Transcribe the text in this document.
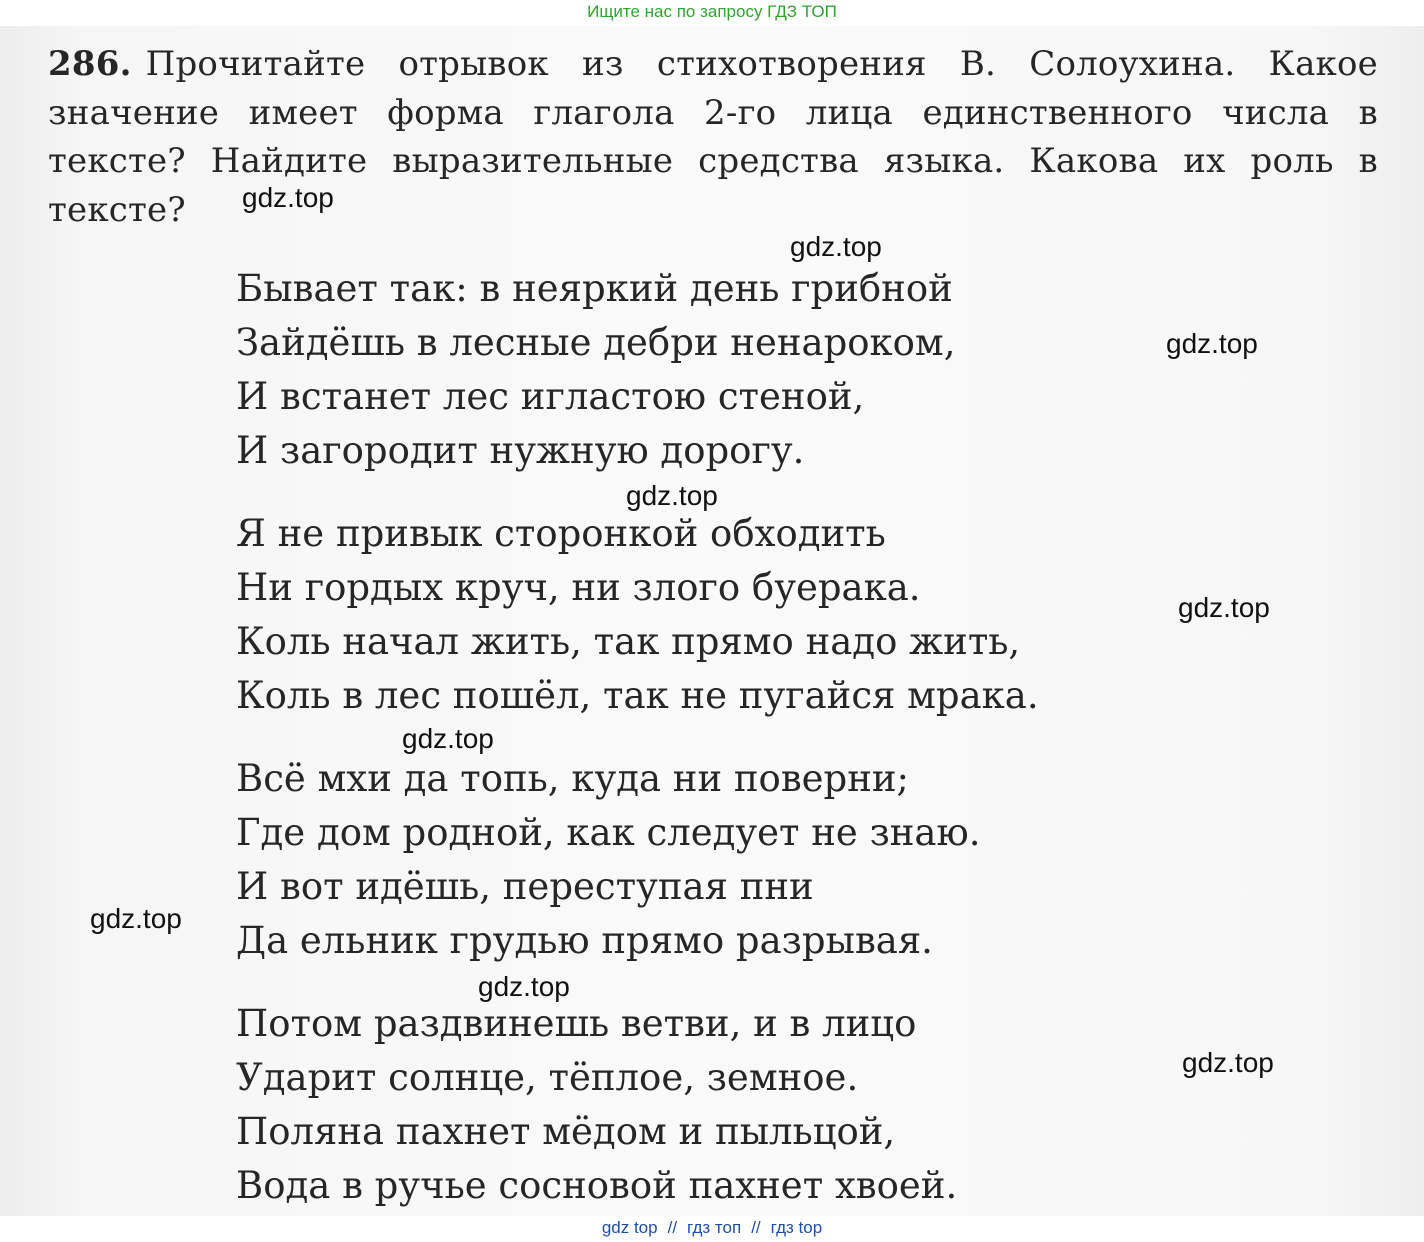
Ищите нас по запросу ГДЗ ТОП

286. Прочитайте отрывок из стихотворения В. Солоухина. Какое значение имеет форма глагола 2-го лица единственного числа в тексте? Найдите выразительные средства языка. Какова их роль в тексте?

Бывает так: в неяркий день грибной
Зайдёшь в лесные дебри ненароком,
И встанет лес игластою стеной,
И загородит нужную дорогу.
Я не привык сторонкой обходить
Ни гордых круч, ни злого буерака.
Коль начал жить, так прямо надо жить,
Коль в лес пошёл, так не пугайся мрака.
Всё мхи да топь, куда ни поверни;
Где дом родной, как следует не знаю.
И вот идёшь, переступая пни
Да ельник грудью прямо разрывая.
Потом раздвинешь ветви, и в лицо
Ударит солнце, тёплое, земное.
Поляна пахнет мёдом и пыльцой,
Вода в ручье сосновой пахнет хвоей.
gdz.top
gdz.top
gdz.top
gdz.top
gdz.top
gdz.top
gdz.top
gdz.top
gdz.top
gdz top // гдз топ // гдз top
